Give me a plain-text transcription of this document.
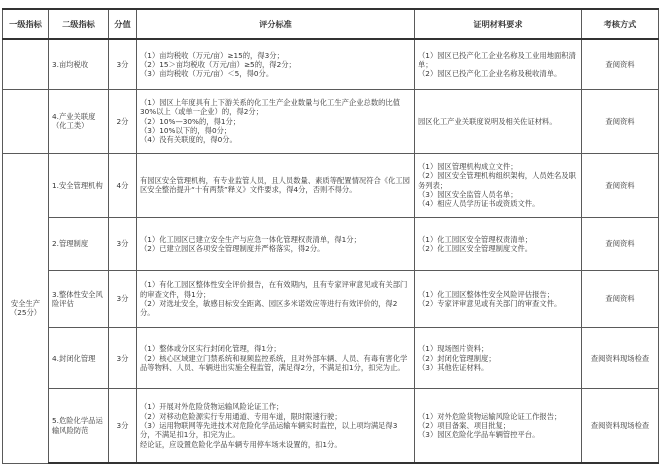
一级指标	二级指标	分值	评分标准	证明材料要求	考核方式
	3.亩均税收	3分	（1）亩均税收（万元/亩）≥15的，得3分；
（2）15＞亩均税收（万元/亩）≥5的，得2分；
（3）亩均税收（万元/亩）＜5，得0分。	（1）园区已投产化工企业名称及工业用地面积清单；
（2）园区已投产化工企业名称及税收清单。	查阅资料
	4.产业关联度（化工类）	2分	（1）园区上年度具有上下游关系的化工生产企业数量与化工生产企业总数的比值30%以上（或单一企业）的，得2分；
（2）10%—30%的，得1分；
（3）10%以下的，得0分；
（4）没有关联度的，得0分。	园区化工产业关联度说明及相关佐证材料。	查阅资料
安全生产（25分）	1.安全管理机构	4分	有园区安全管理机构，有专业监管人员，且人员数量、素质等配置情况符合《化工园区安全整治提升“十有两禁”释义》文件要求，得4分，否则不得分。	（1）园区管理机构成立文件；
（2）园区安全管理机构组织架构，人员姓名及职务列表；
（3）园区安全监管人员名单；
（4）相应人员学历证书或资质文件。	查阅资料
	2.管理制度	3分	（1）化工园区已建立安全生产与应急一体化管理权责清单，得1分；
（2）已建立园区各项安全管理制度并严格落实，得2分。	（1）化工园区安全管理权责清单；
（2）化工园区安全管理制度文件。	查阅资料
	3.整体性安全风险评估	3分	（1）有化工园区整体性安全评价报告，在有效期内，且有专家评审意见或有关部门的审查文件，得1分；
（2）对选址安全，敏感目标安全距离、园区多米诺效应等进行有效评价的，得2分。	（1）化工园区整体性安全风险评估报告；
（2）专家评审意见或有关部门的审查文件。	查阅资料
	4.封闭化管理	3分	（1）整体或分区实行封闭化管理，得1分；
（2）核心区域建立门禁系统和视频监控系统，且对外部车辆、人员、有毒有害化学品等物料、人员、车辆进出实施全程监管，满足得2分，不满足扣1分，扣完为止。	（1）现场图片资料；
（2）封闭化管理制度；
（3）其他佐证材料。	查阅资料现场检查
	5.危险化学品运输风险防范	3分	（1）开展对外危险货物运输风险论证工作；
（2）对移动危险源实行专用通道、专用车道，限时限速行驶；
（3）运用物联网等先进技术对危险化学品运输车辆实时监控，以上项均满足得3分，不满足扣1分，扣完为止。
经论证，应设置危险化学品车辆专用停车场未设置的，扣1分。	（1）对外危险货物运输风险论证工作报告；
（2）项目备案、项目批复；
（3）园区危险化学品车辆管控平台。	查阅资料现场检查
